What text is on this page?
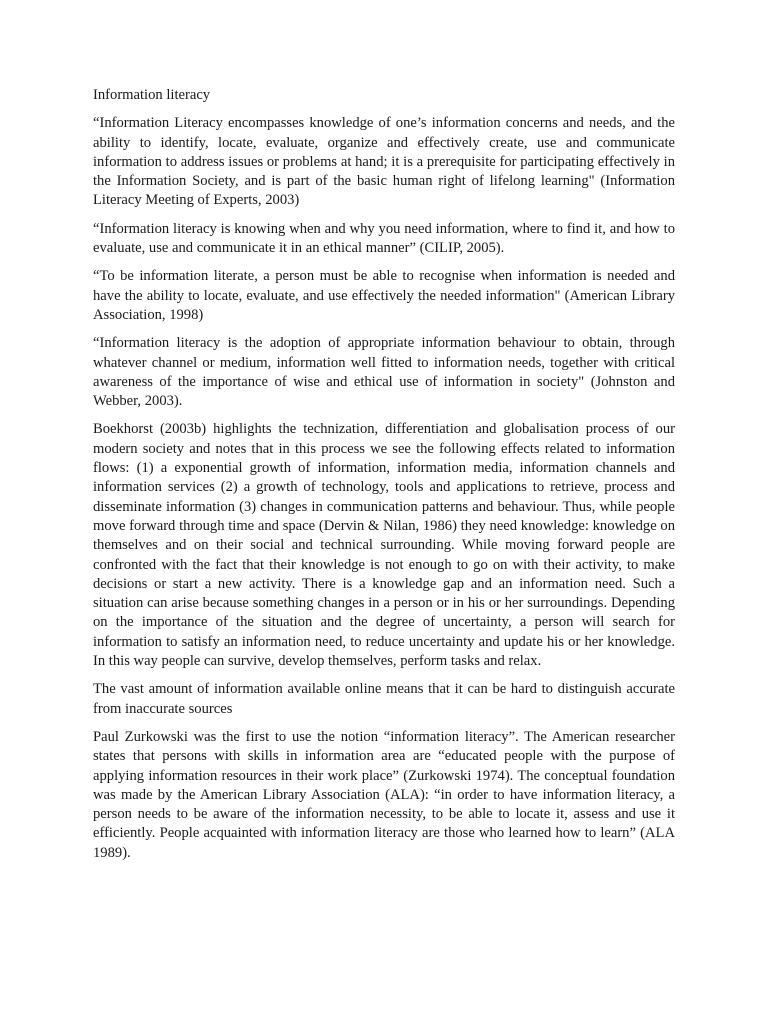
Information literacy

“Information Literacy encompasses knowledge of one’s information concerns and needs, and the ability to identify, locate, evaluate, organize and effectively create, use and communicate information to address issues or problems at hand; it is a prerequisite for participating effectively in the Information Society, and is part of the basic human right of lifelong learning" (Information Literacy Meeting of Experts, 2003)

“Information literacy is knowing when and why you need information, where to find it, and how to evaluate, use and communicate it in an ethical manner” (CILIP, 2005).

“To be information literate, a person must be able to recognise when information is needed and have the ability to locate, evaluate, and use effectively the needed information" (American Library Association, 1998)

“Information literacy is the adoption of appropriate information behaviour to obtain, through whatever channel or medium, information well fitted to information needs, together with critical awareness of the importance of wise and ethical use of information in society" (Johnston and Webber, 2003).

Boekhorst (2003b) highlights the technization, differentiation and globalisation process of our modern society and notes that in this process we see the following effects related to information flows: (1) a exponential growth of information, information media, information channels and information services (2) a growth of technology, tools and applications to retrieve, process and disseminate information (3) changes in communication patterns and behaviour. Thus, while people move forward through time and space (Dervin & Nilan, 1986) they need knowledge: knowledge on themselves and on their social and technical surrounding. While moving forward people are confronted with the fact that their knowledge is not enough to go on with their activity, to make decisions or start a new activity. There is a knowledge gap and an information need. Such a situation can arise because something changes in a person or in his or her surroundings. Depending on the importance of the situation and the degree of uncertainty, a person will search for information to satisfy an information need, to reduce uncertainty and update his or her knowledge. In this way people can survive, develop themselves, perform tasks and relax.

The vast amount of information available online means that it can be hard to distinguish accurate from inaccurate sources

Paul Zurkowski was the first to use the notion “information literacy”. The American researcher states that persons with skills in information area are “educated people with the purpose of applying information resources in their work place” (Zurkowski 1974). The conceptual foundation was made by the American Library Association (ALA): “in order to have information literacy, a person needs to be aware of the information necessity, to be able to locate it, assess and use it efficiently. People acquainted with information literacy are those who learned how to learn” (ALA 1989).
